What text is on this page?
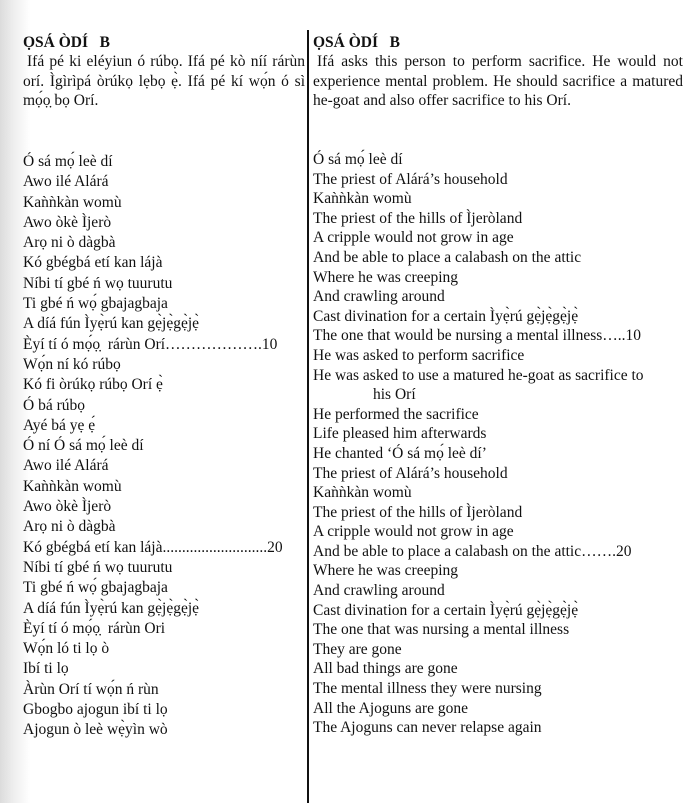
ỌSÁ ÒDÍ   B

Ifá pé ki eléyiun ó rúbọ. Ifá pé kò níí rárùn orí. Ìgìrìpá òrúkọ lẹbọ ẹ̀. Ifá pé kí wọ́n ó sì mọ́ọ̣ bọ Orí.

Ó sá mọ́ leè dí
Awo ilé Alárá
Kaǹǹkàn womù
Awo òkè Ìjerò
Arọ ni ò dàgbà
Kó gbégbá etí kan lájà
Níbi tí gbé ń wọ tuurutu
Ti gbé ń wọ́ gbajagbaja
A díá fún Ìyẹ̀rú kan gẹ̀jẹ̀gẹ̀jẹ̀
Èyí tí ó mọ́ọ̣  rárùn Orí……………….10
Wọ́n ní kó rúbọ
Kó fi òrúkọ rúbọ Orí ẹ̀
Ó bá rúbọ
Ayé bá yẹ ẹ́
Ó ní Ó sá mọ́ leè dí
Awo ilé Alárá
Kaǹǹkàn womù
Awo òkè Ìjerò
Arọ ni ò dàgbà
Kó gbégbá etí kan lájà...........................20
Níbi tí gbé ń wọ tuurutu
Ti gbé ń wọ́ gbajagbaja
A díá fún Ìyẹ̀rú kan gẹ̀jẹ̀gẹ̀jẹ̀
Èyí tí ó mọ́ọ̣  rárùn Ori
Wọ́n ló ti lọ ò
Ibí ti lọ
Àrùn Orí tí wọ́n ń rùn
Gbogbo ajogun ibí ti lọ
Ajogun ò leè wẹ̀yìn wò
ỌSÁ ÒDÍ   B

Ifá asks this person to perform sacrifice. He would not experience mental problem. He should sacrifice a matured he-goat and also offer sacrifice to his Orí.

Ó sá mọ́ leè dí
The priest of Alárá’s household
Kaǹǹkàn womù
The priest of the hills of Ìjeròland
A cripple would not grow in age
And be able to place a calabash on the attic
Where he was creeping
And crawling around
Cast divination for a certain Ìyẹ̀rú gẹ̀jẹ̀gẹ̀jẹ̀
The one that would be nursing a mental illness…..10
He was asked to perform sacrifice
He was asked to use a matured he-goat as sacrifice to
his Orí
He performed the sacrifice
Life pleased him afterwards
He chanted ‘Ó sá mọ́ leè dí’
The priest of Alárá’s household
Kaǹǹkàn womù
The priest of the hills of Ìjeròland
A cripple would not grow in age
And be able to place a calabash on the attic…….20
Where he was creeping
And crawling around
Cast divination for a certain Ìyẹ̀rú gẹ̀jẹ̀gẹ̀jẹ̀
The one that was nursing a mental illness
They are gone
All bad things are gone
The mental illness they were nursing
All the Ajoguns are gone
The Ajoguns can never relapse again
